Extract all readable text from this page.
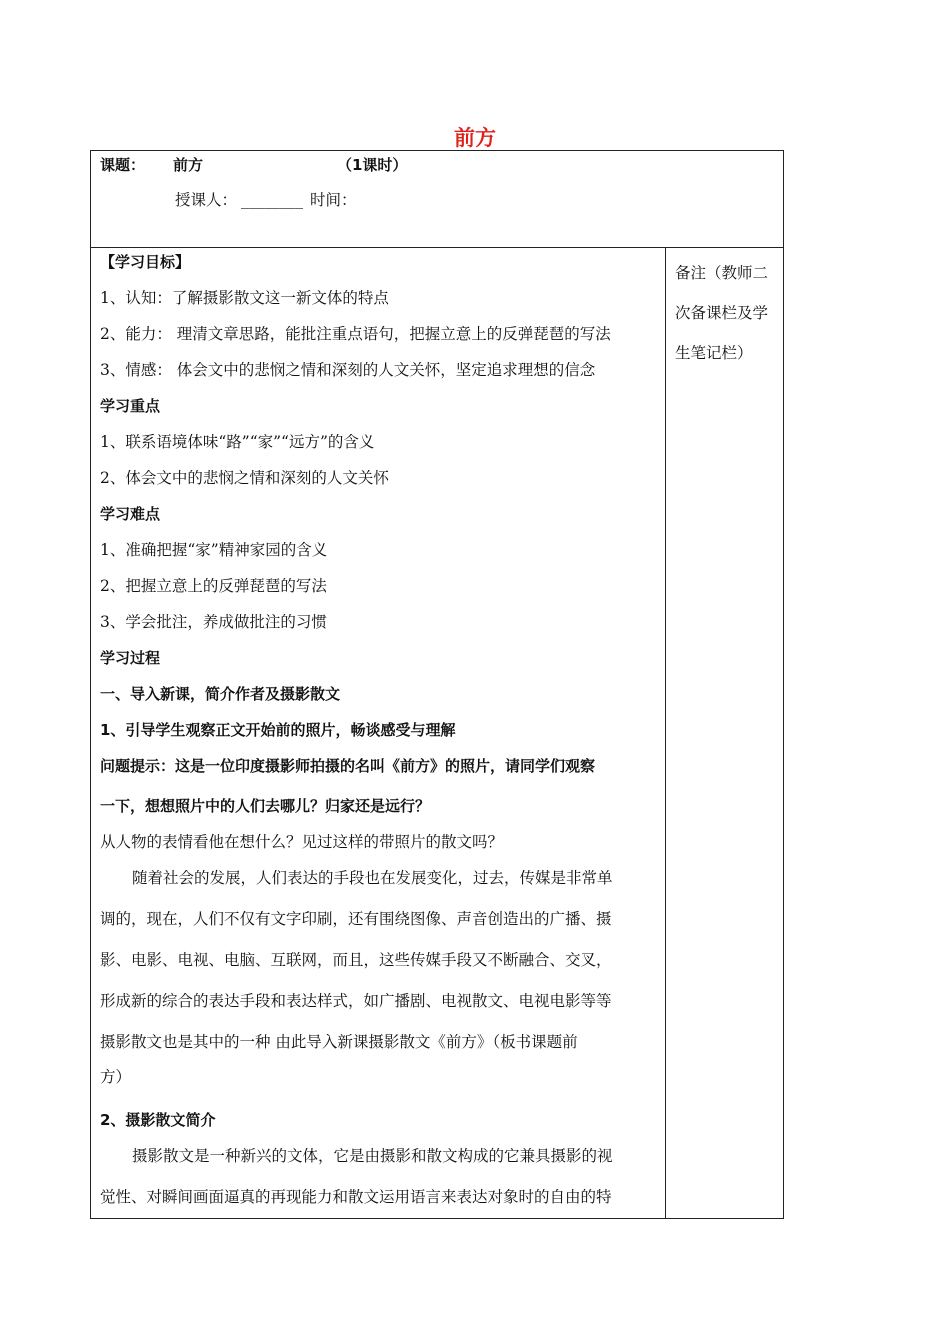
前方
课题： 前方	（1课时）
授课人： ________ 时间：
备注（教师二
次备课栏及学
生笔记栏）
【学习目标】
1、认知：了解摄影散文这一新文体的特点
2、能力： 理清文章思路，能批注重点语句，把握立意上的反弹琵琶的写法
3、情感： 体会文中的悲悯之情和深刻的人文关怀，坚定追求理想的信念
学习重点
1、联系语境体味“路”“家”“远方”的含义
2、体会文中的悲悯之情和深刻的人文关怀
学习难点
1、准确把握“家”精神家园的含义
2、把握立意上的反弹琵琶的写法
3、学会批注，养成做批注的习惯
学习过程
一、导入新课，简介作者及摄影散文
1、引导学生观察正文开始前的照片，畅谈感受与理解
问题提示：这是一位印度摄影师拍摄的名叫《前方》的照片，请同学们观察
一下，想想照片中的人们去哪儿？归家还是远行？
从人物的表情看他在想什么？见过这样的带照片的散文吗？
随着社会的发展，人们表达的手段也在发展变化，过去，传媒是非常单
调的，现在，人们不仅有文字印刷，还有围绕图像、声音创造出的广播、摄
影、电影、电视、电脑、互联网，而且，这些传媒手段又不断融合、交叉，
形成新的综合的表达手段和表达样式，如广播剧、电视散文、电视电影等等
摄影散文也是其中的一种 由此导入新课摄影散文《前方》（板书课题前
方）
2、摄影散文简介
摄影散文是一种新兴的文体，它是由摄影和散文构成的它兼具摄影的视
觉性、对瞬间画面逼真的再现能力和散文运用语言来表达对象时的自由的特
